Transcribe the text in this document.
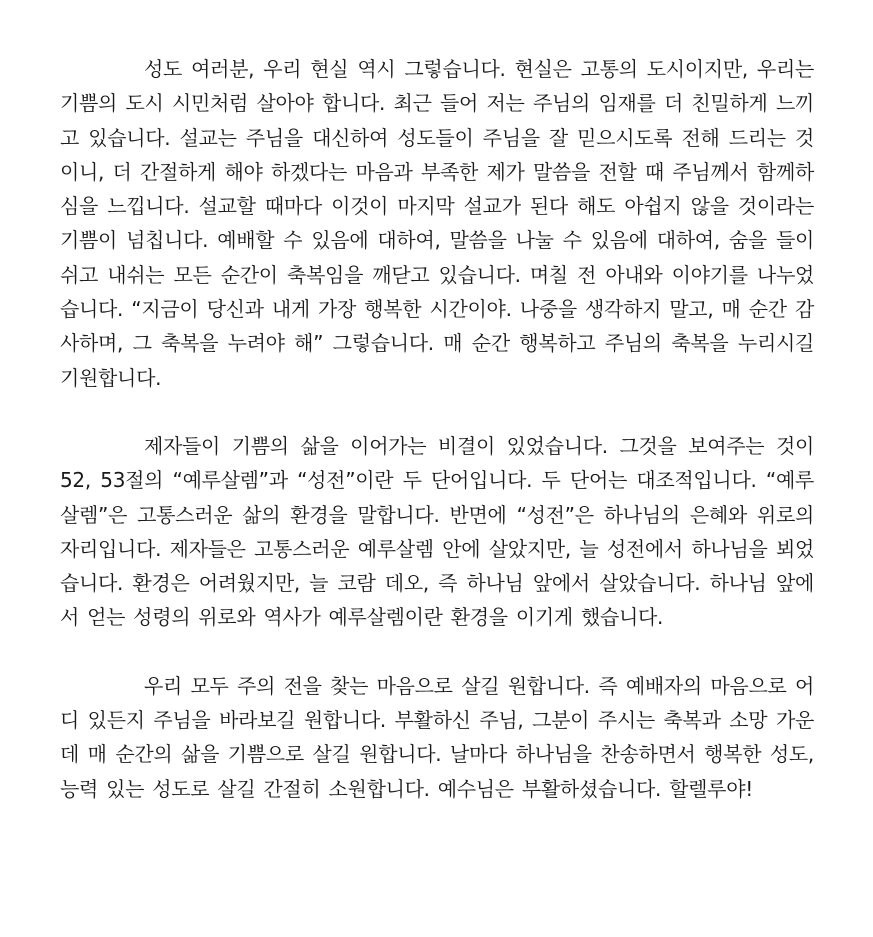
성도 여러분, 우리 현실 역시 그렇습니다. 현실은 고통의 도시이지만, 우리는 기쁨의 도시 시민처럼 살아야 합니다. 최근 들어 저는 주님의 임재를 더 친밀하게 느끼고 있습니다. 설교는 주님을 대신하여 성도들이 주님을 잘 믿으시도록 전해 드리는 것이니, 더 간절하게 해야 하겠다는 마음과 부족한 제가 말씀을 전할 때 주님께서 함께하심을 느낍니다. 설교할 때마다 이것이 마지막 설교가 된다 해도 아쉽지 않을 것이라는 기쁨이 넘칩니다. 예배할 수 있음에 대하여, 말씀을 나눌 수 있음에 대하여, 숨을 들이쉬고 내쉬는 모든 순간이 축복임을 깨닫고 있습니다. 며칠 전 아내와 이야기를 나누었습니다. “지금이 당신과 내게 가장 행복한 시간이야. 나중을 생각하지 말고, 매 순간 감사하며, 그 축복을 누려야 해” 그렇습니다. 매 순간 행복하고 주님의 축복을 누리시길 기원합니다.

제자들이 기쁨의 삶을 이어가는 비결이 있었습니다. 그것을 보여주는 것이 52, 53절의 “예루살렘”과 “성전”이란 두 단어입니다. 두 단어는 대조적입니다. “예루살렘”은 고통스러운 삶의 환경을 말합니다. 반면에 “성전”은 하나님의 은혜와 위로의 자리입니다. 제자들은 고통스러운 예루살렘 안에 살았지만, 늘 성전에서 하나님을 뵈었습니다. 환경은 어려웠지만, 늘 코람 데오, 즉 하나님 앞에서 살았습니다. 하나님 앞에서 얻는 성령의 위로와 역사가 예루살렘이란 환경을 이기게 했습니다.

우리 모두 주의 전을 찾는 마음으로 살길 원합니다. 즉 예배자의 마음으로 어디 있든지 주님을 바라보길 원합니다. 부활하신 주님, 그분이 주시는 축복과 소망 가운데 매 순간의 삶을 기쁨으로 살길 원합니다. 날마다 하나님을 찬송하면서 행복한 성도, 능력 있는 성도로 살길 간절히 소원합니다. 예수님은 부활하셨습니다. 할렐루야!
